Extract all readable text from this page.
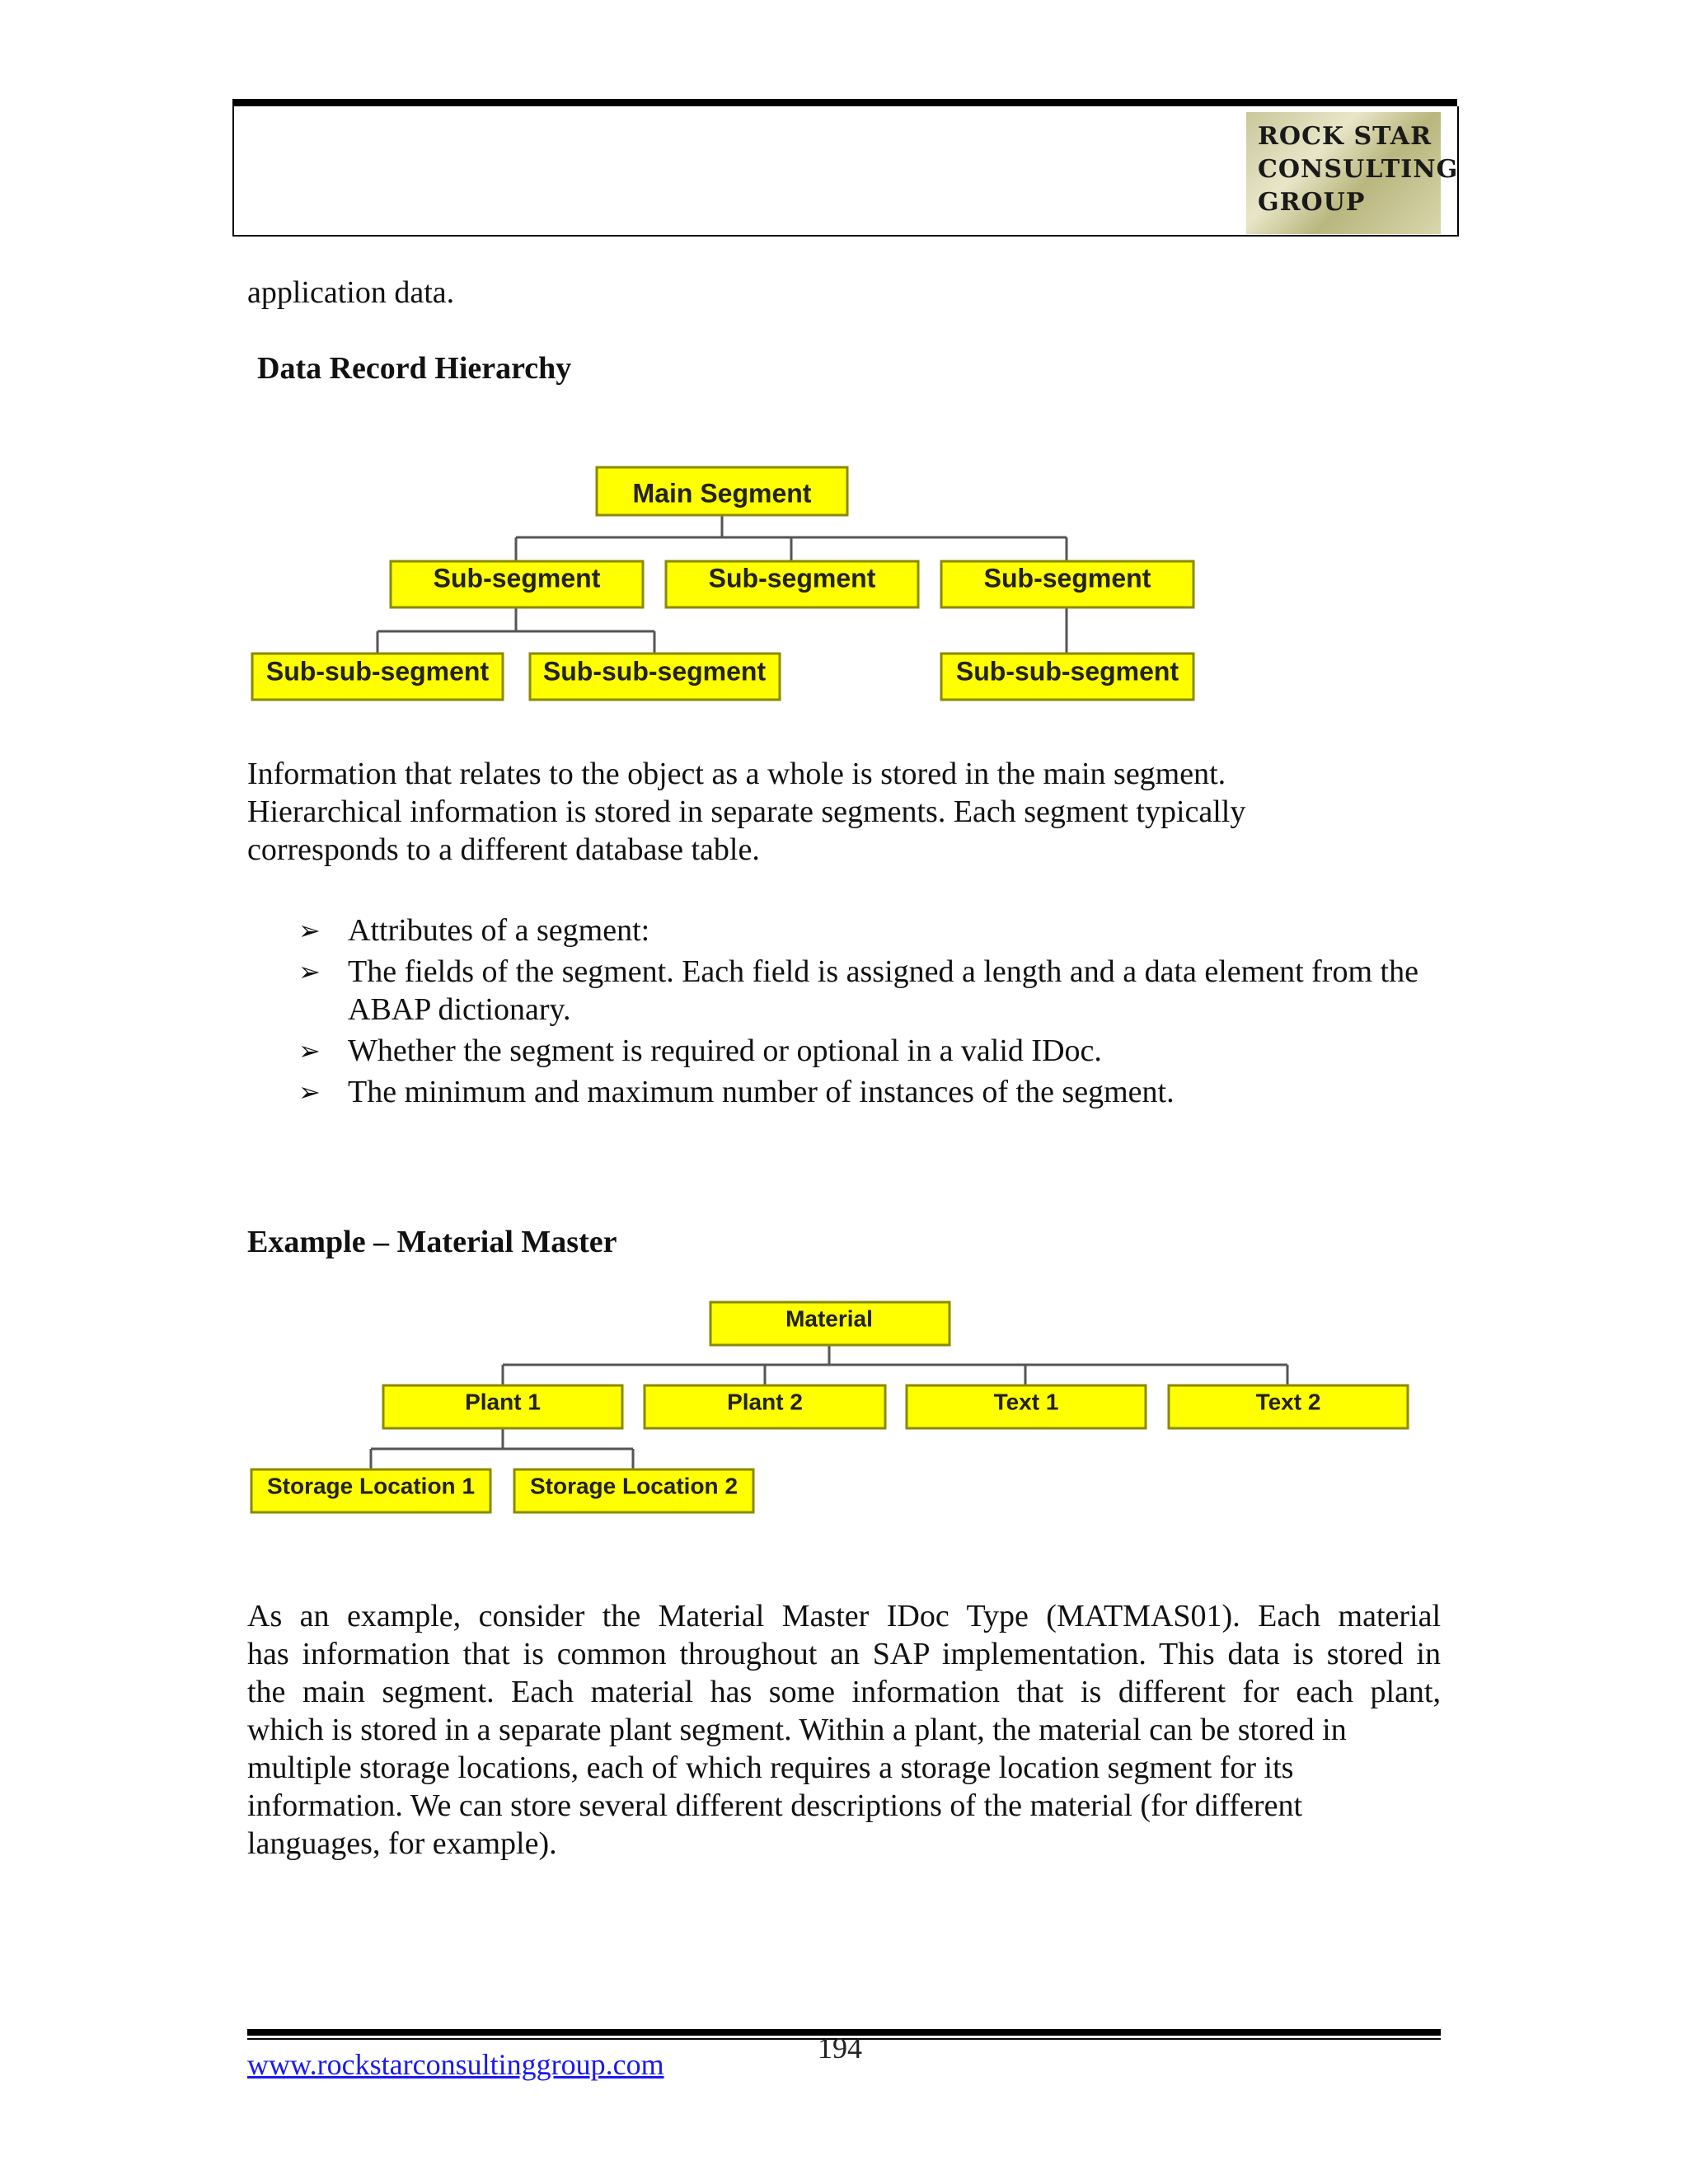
ROCK STAR
CONSULTING
GROUP
application data.
Data Record Hierarchy
Main Segment
Sub-segment	Sub-segment	Sub-segment
Sub-sub-segment Sub-sub-segment	Sub-sub-segment
Information that relates to the object as a whole is stored in the main segment.
Hierarchical information is stored in separate segments. Each segment typically
corresponds to a different database table.
➢ Attributes of a segment:
➢ The fields of the segment. Each field is assigned a length and a data element from the ABAP dictionary.
➢ Whether the segment is required or optional in a valid IDoc.
➢ The minimum and maximum number of instances of the segment.
Example – Material Master
Material
Plant 1	Plant 2	Text 1	Text 2
Storage Location 1 Storage Location 2
As an example, consider the Material Master IDoc Type (MATMAS01). Each material
has information that is common throughout an SAP implementation. This data is stored in
the main segment. Each material has some information that is different for each plant,
which is stored in a separate plant segment. Within a plant, the material can be stored in
multiple storage locations, each of which requires a storage location segment for its
information. We can store several different descriptions of the material (for different
languages, for example).
194
www.rockstarconsultinggroup.com
